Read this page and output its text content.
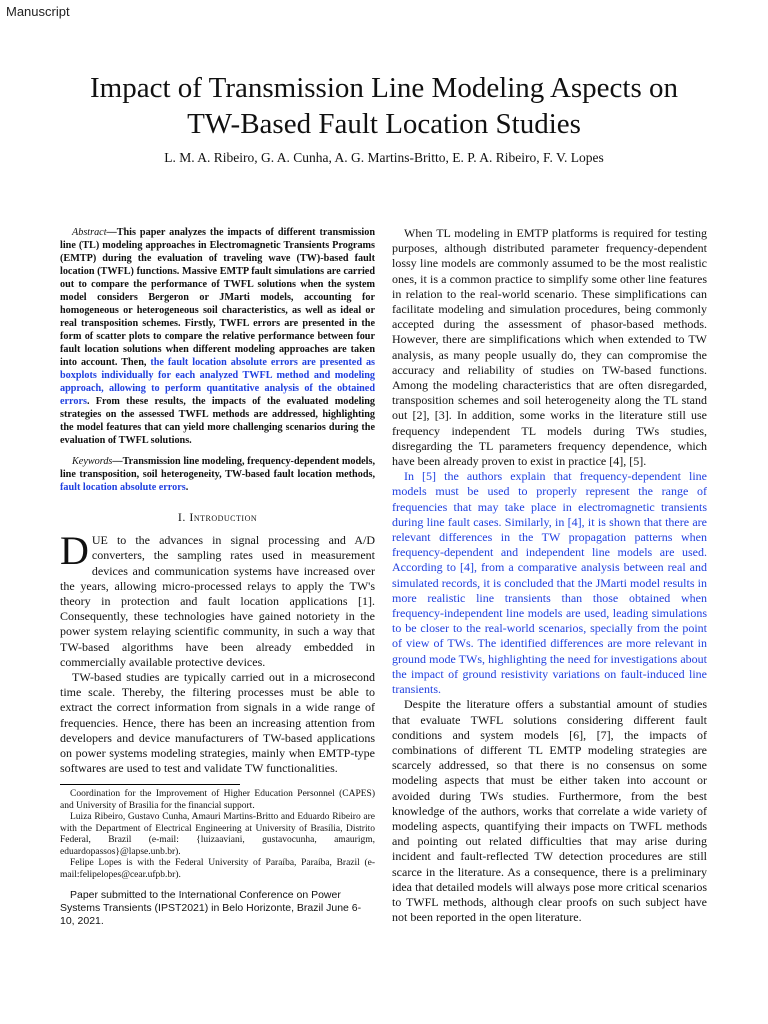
Manuscript
Impact of Transmission Line Modeling Aspects on
TW-Based Fault Location Studies
L. M. A. Ribeiro, G. A. Cunha, A. G. Martins-Britto, E. P. A. Ribeiro, F. V. Lopes

Abstract—This paper analyzes the impacts of different transmission line (TL) modeling approaches in Electromagnetic Transients Programs (EMTP) during the evaluation of traveling wave (TW)-based fault location (TWFL) functions. Massive EMTP fault simulations are carried out to compare the performance of TWFL solutions when the system model considers Bergeron or JMarti models, accounting for homogeneous or heterogeneous soil characteristics, as well as ideal or real transposition schemes. Firstly, TWFL errors are presented in the form of scatter plots to compare the relative performance between four fault location solutions when different modeling approaches are taken into account. Then, the fault location absolute errors are presented as boxplots individually for each analyzed TWFL method and modeling approach, allowing to perform quantitative analysis of the obtained errors. From these results, the impacts of the evaluated modeling strategies on the assessed TWFL methods are addressed, highlighting the model features that can yield more challenging scenarios during the evaluation of TWFL solutions.

Keywords—Transmission line modeling, frequency-dependent models, line transposition, soil heterogeneity, TW-based fault location methods, fault location absolute errors.

I. Introduction

DUE to the advances in signal processing and A/D converters, the sampling rates used in measurement devices and communication systems have increased over the years, allowing micro-processed relays to apply the TW's theory in protection and fault location applications [1]. Consequently, these technologies have gained notoriety in the power system relaying scientific community, in such a way that TW-based algorithms have been already embedded in commercially available protective devices.

TW-based studies are typically carried out in a microsecond time scale. Thereby, the filtering processes must be able to extract the correct information from signals in a wide range of frequencies. Hence, there has been an increasing attention from developers and device manufacturers of TW-based applications on power systems modeling strategies, mainly when EMTP-type softwares are used to test and validate TW functionalities.

Coordination for the Improvement of Higher Education Personnel (CAPES) and University of Brasilia for the financial support.

Luiza Ribeiro, Gustavo Cunha, Amauri Martins-Britto and Eduardo Ribeiro are with the Department of Electrical Engineering at University of Brasília, Distrito Federal, Brazil (e-mail: {luizaaviani, gustavocunha, amaurigm, eduardopassos}@lapse.unb.br).

Felipe Lopes is with the Federal University of Paraíba, Paraíba, Brazil (e-mail:felipelopes@cear.ufpb.br).

Paper submitted to the International Conference on Power Systems Transients (IPST2021) in Belo Horizonte, Brazil June 6-10, 2021.

When TL modeling in EMTP platforms is required for testing purposes, although distributed parameter frequency-dependent lossy line models are commonly assumed to be the most realistic ones, it is a common practice to simplify some other line features in relation to the real-world scenario. These simplifications can facilitate modeling and simulation procedures, being commonly accepted during the assessment of phasor-based methods. However, there are simplifications which when extended to TW analysis, as many people usually do, they can compromise the accuracy and reliability of studies on TW-based functions. Among the modeling characteristics that are often disregarded, transposition schemes and soil heterogeneity along the TL stand out [2], [3]. In addition, some works in the literature still use frequency independent TL models during TWs studies, disregarding the TL parameters frequency dependence, which have been already proven to exist in practice [4], [5].

In [5] the authors explain that frequency-dependent line models must be used to properly represent the range of frequencies that may take place in electromagnetic transients during line fault cases. Similarly, in [4], it is shown that there are relevant differences in the TW propagation patterns when frequency-dependent and independent line models are used. According to [4], from a comparative analysis between real and simulated records, it is concluded that the JMarti model results in more realistic line transients than those obtained when frequency-independent line models are used, leading simulations to be closer to the real-world scenarios, specially from the point of view of TWs. The identified differences are more relevant in ground mode TWs, highlighting the need for investigations about the impact of ground resistivity variations on fault-induced line transients.

Despite the literature offers a substantial amount of studies that evaluate TWFL solutions considering different fault conditions and system models [6], [7], the impacts of combinations of different TL EMTP modeling strategies are scarcely addressed, so that there is no consensus on some modeling aspects that must be either taken into account or avoided during TWs studies. Furthermore, from the best knowledge of the authors, works that correlate a wide variety of modeling aspects, quantifying their impacts on TWFL methods and pointing out related difficulties that may arise during incident and fault-reflected TW detection procedures are still scarce in the literature. As a consequence, there is a preliminary idea that detailed models will always pose more critical scenarios to TWFL methods, although clear proofs on such subject have not been reported in the open literature.
